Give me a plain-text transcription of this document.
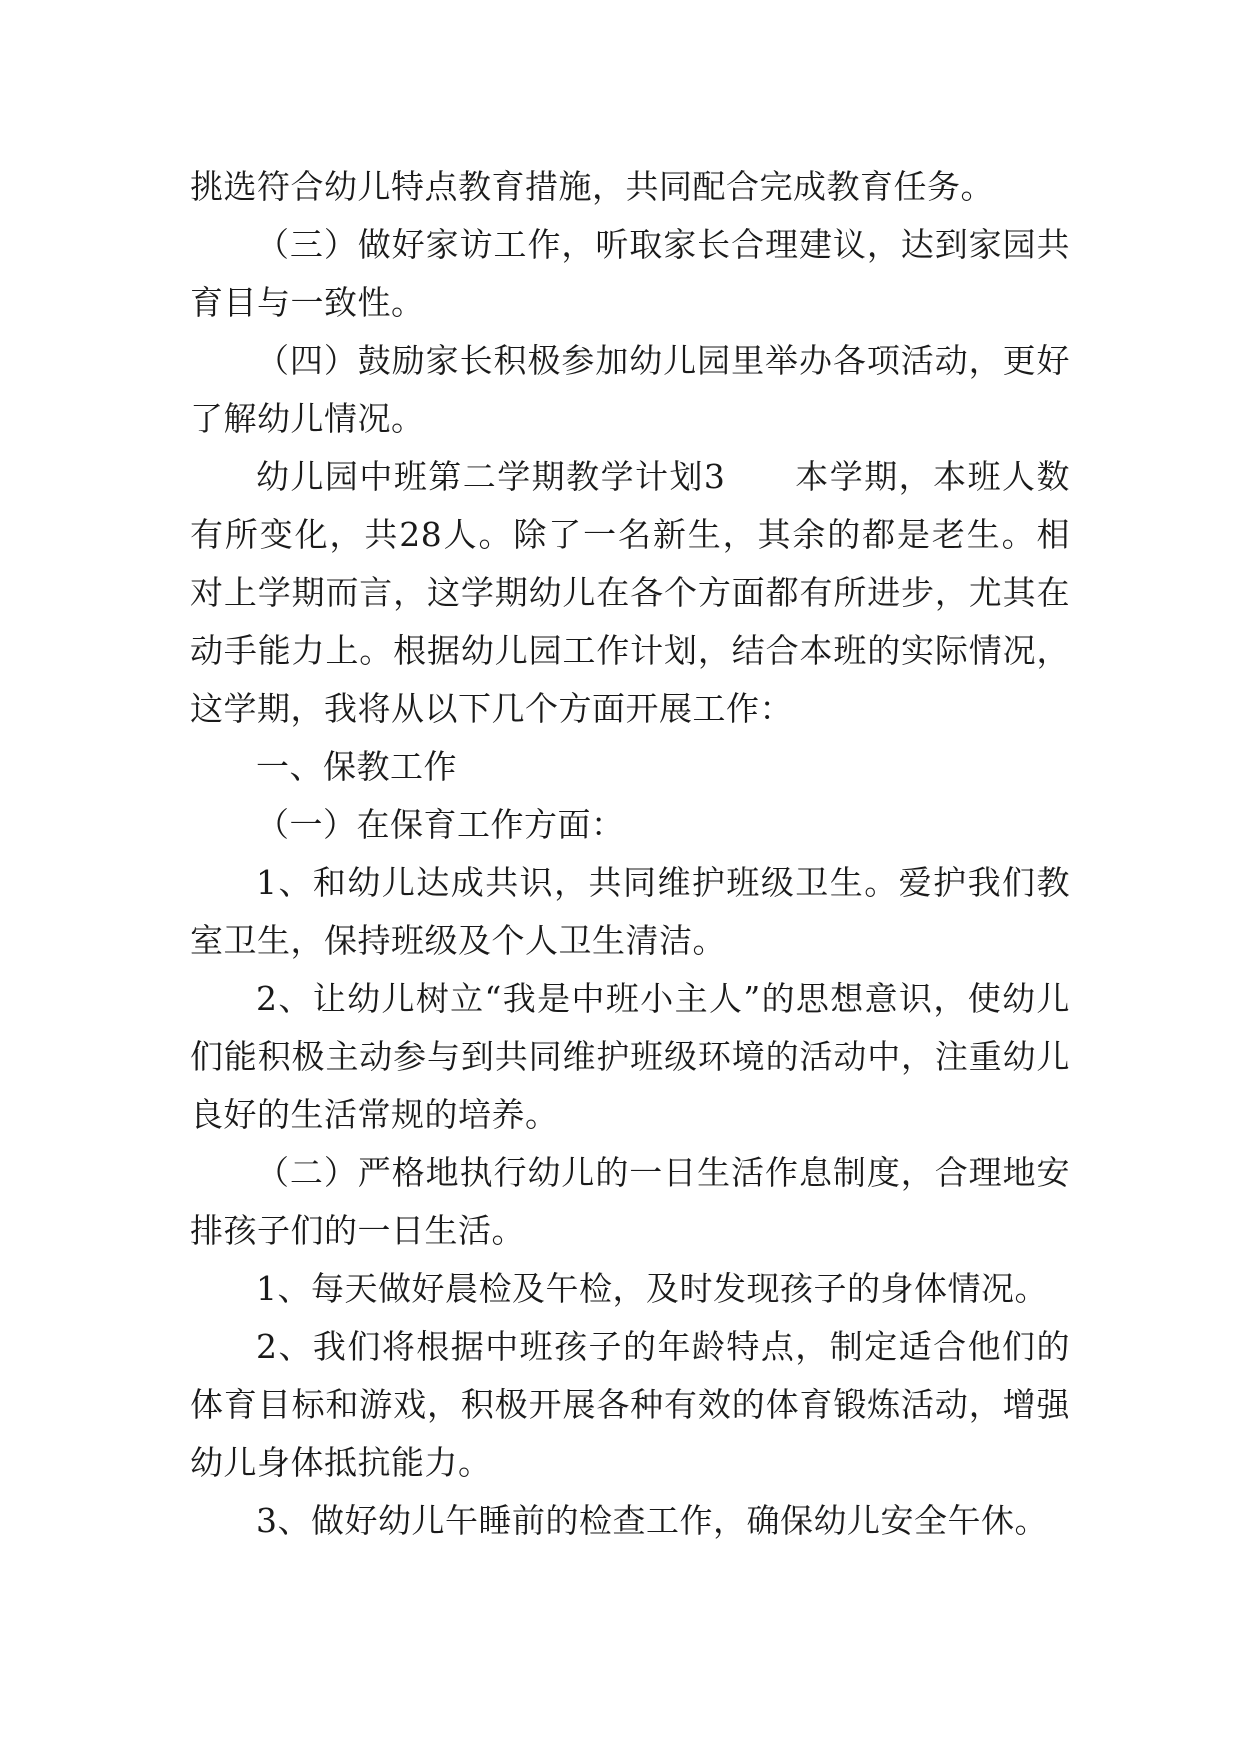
挑选符合幼儿特点教育措施，共同配合完成教育任务。

（三）做好家访工作，听取家长合理建议，达到家园共育目与一致性。

（四）鼓励家长积极参加幼儿园里举办各项活动，更好了解幼儿情况。

幼儿园中班第二学期教学计划3　　本学期，本班人数有所变化，共28人。除了一名新生，其余的都是老生。相对上学期而言，这学期幼儿在各个方面都有所进步，尤其在动手能力上。根据幼儿园工作计划，结合本班的实际情况，这学期，我将从以下几个方面开展工作：

一、保教工作

（一）在保育工作方面：

1、和幼儿达成共识，共同维护班级卫生。爱护我们教室卫生，保持班级及个人卫生清洁。

2、让幼儿树立“我是中班小主人”的思想意识，使幼儿们能积极主动参与到共同维护班级环境的活动中，注重幼儿良好的生活常规的培养。

（二）严格地执行幼儿的一日生活作息制度，合理地安排孩子们的一日生活。

1、每天做好晨检及午检，及时发现孩子的身体情况。

2、我们将根据中班孩子的年龄特点，制定适合他们的体育目标和游戏，积极开展各种有效的体育锻炼活动，增强幼儿身体抵抗能力。

3、做好幼儿午睡前的检查工作，确保幼儿安全午休。
